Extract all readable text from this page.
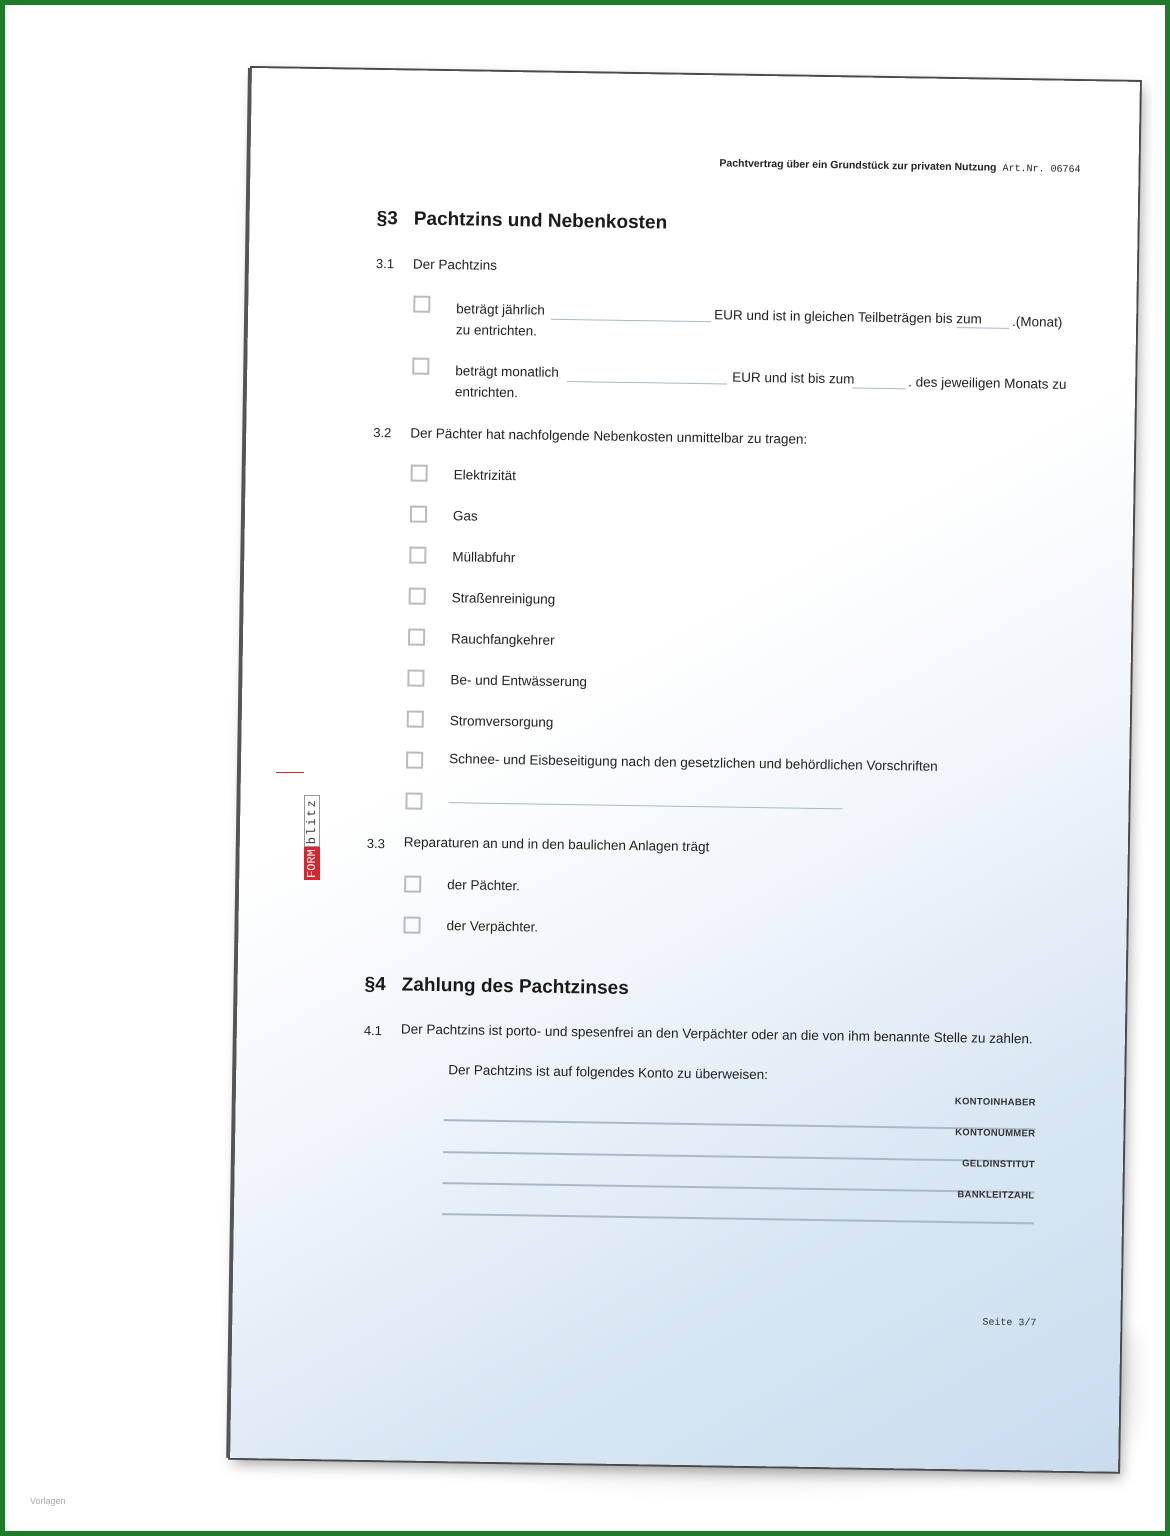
Pachtvertrag über ein Grundstück zur privaten Nutzung Art.Nr. 06764
§3 Pachtzins und Nebenkosten
3.1 Der Pachtzins
beträgt jährlich	EUR und ist in gleichen Teilbeträgen bis zum .(Monat)
zu entrichten.
beträgt monatlich	EUR und ist bis zum	. des jeweiligen Monats zu
entrichten.
3.2 Der Pächter hat nachfolgende Nebenkosten unmittelbar zu tragen:
Elektrizität
Gas
Müllabfuhr
Straßenreinigung
Rauchfangkehrer
Be- und Entwässerung
Stromversorgung
Schnee- und Eisbeseitigung nach den gesetzlichen und behördlichen Vorschriften
3.3 Reparaturen an und in den baulichen Anlagen trägt
der Pächter.
der Verpächter.
§4 Zahlung des Pachtzinses
4.1 Der Pachtzins ist porto- und spesenfrei an den Verpächter oder an die von ihm benannte Stelle zu zahlen.
Der Pachtzins ist auf folgendes Konto zu überweisen:
KONTOINHABER
KONTONUMMER
GELDINSTITUT
BANKLEITZAHL
Seite 3/7
FORMblitz
Vorlagen
